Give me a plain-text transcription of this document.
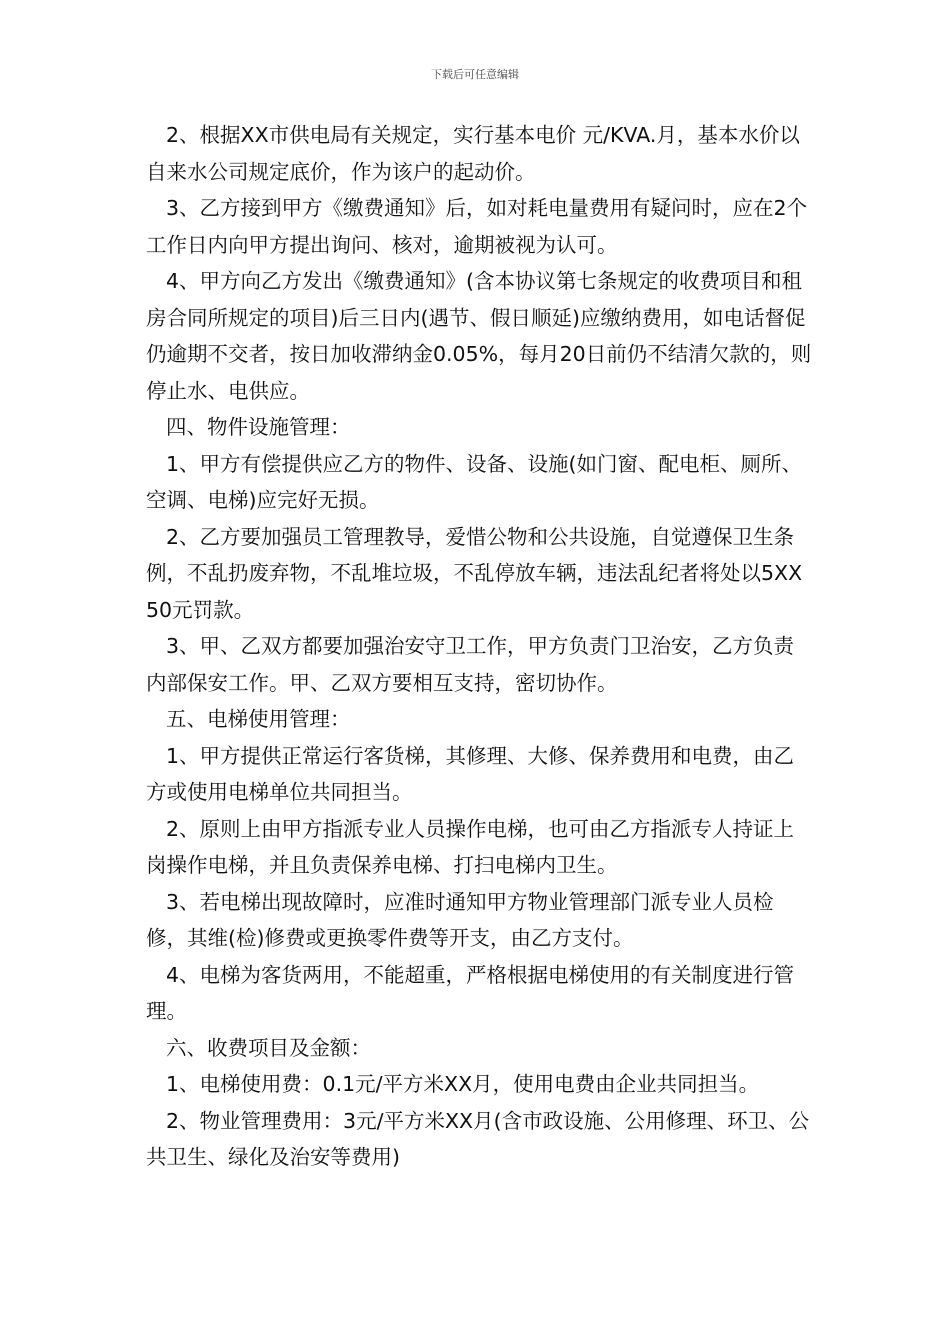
下载后可任意编辑

2、根据XX市供电局有关规定，实行基本电价 元/KVA.月，基本水价以自来水公司规定底价，作为该户的起动价。

3、乙方接到甲方《缴费通知》后，如对耗电量费用有疑问时，应在2个工作日内向甲方提出询问、核对，逾期被视为认可。

4、甲方向乙方发出《缴费通知》(含本协议第七条规定的收费项目和租房合同所规定的项目)后三日内(遇节、假日顺延)应缴纳费用，如电话督促仍逾期不交者，按日加收滞纳金0.05%，每月20日前仍不结清欠款的，则停止水、电供应。

四、物件设施管理：

1、甲方有偿提供应乙方的物件、设备、设施(如门窗、配电柜、厕所、空调、电梯)应完好无损。

2、乙方要加强员工管理教导，爱惜公物和公共设施，自觉遵保卫生条例，不乱扔废弃物，不乱堆垃圾，不乱停放车辆，违法乱纪者将处以5XX50元罚款。

3、甲、乙双方都要加强治安守卫工作，甲方负责门卫治安，乙方负责内部保安工作。甲、乙双方要相互支持，密切协作。

五、电梯使用管理：

1、甲方提供正常运行客货梯，其修理、大修、保养费用和电费，由乙方或使用电梯单位共同担当。

2、原则上由甲方指派专业人员操作电梯，也可由乙方指派专人持证上岗操作电梯，并且负责保养电梯、打扫电梯内卫生。

3、若电梯出现故障时，应准时通知甲方物业管理部门派专业人员检修，其维(检)修费或更换零件费等开支，由乙方支付。

4、电梯为客货两用，不能超重，严格根据电梯使用的有关制度进行管理。

六、收费项目及金额：

1、电梯使用费：0.1元/平方米XX月，使用电费由企业共同担当。

2、物业管理费用：3元/平方米XX月(含市政设施、公用修理、环卫、公共卫生、绿化及治安等费用)
